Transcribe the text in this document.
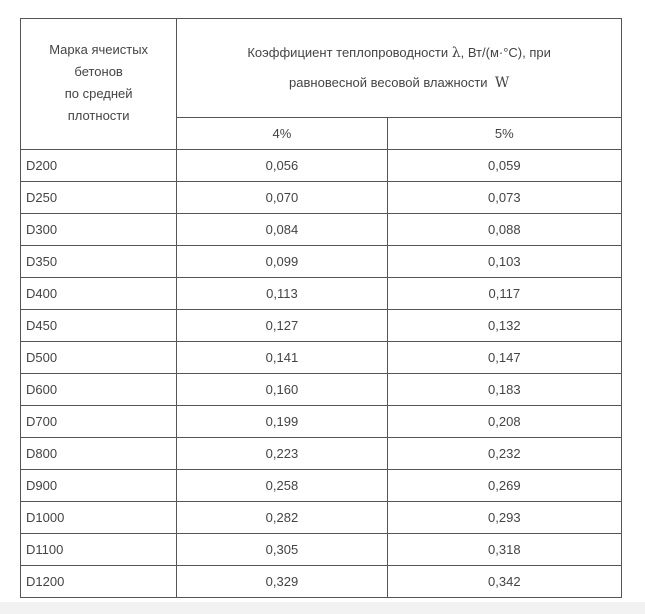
Марка ячеистых
бетонов
по средней
плотности	Коэффициент теплопроводности λ, Вт/(м·°С), при
равновесной весовой влажности W	
	4%	5%
D200	0,056	0,059
D250	0,070	0,073
D300	0,084	0,088
D350	0,099	0,103
D400	0,113	0,117
D450	0,127	0,132
D500	0,141	0,147
D600	0,160	0,183
D700	0,199	0,208
D800	0,223	0,232
D900	0,258	0,269
D1000	0,282	0,293
D1100	0,305	0,318
D1200	0,329	0,342
